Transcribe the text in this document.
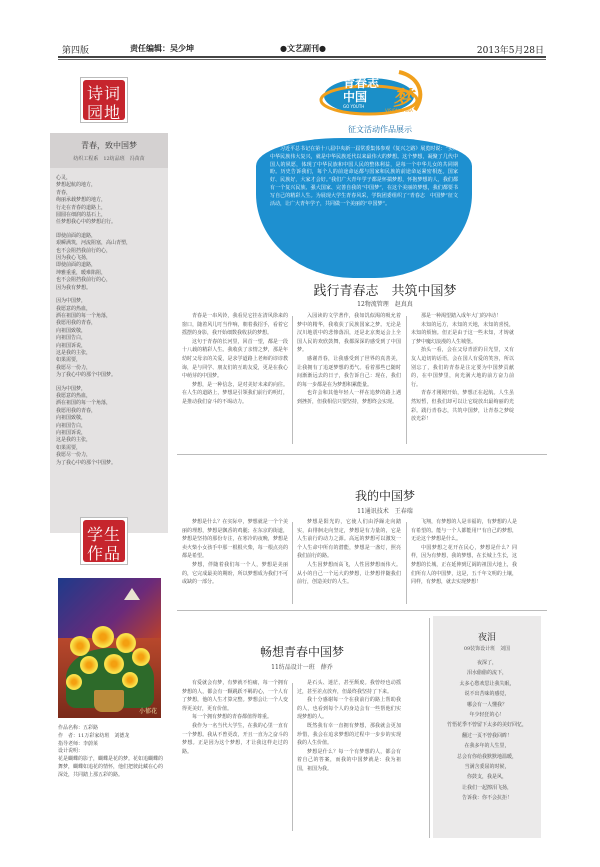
第四版	责任编辑：吴少坤	●文艺副刊●	2013年5月28日
诗词
园地
青春，致中国梦
纺织工程系　12纺品班　冯苗苗
心灵，
梦想起航的地方，
青春，
绚丽承载梦想的地方，
行走在青春的道路上，
圆圆在细润的基石上，
任梦想我心中的梦想启行。
即使前面的道路，
艰瞬满筑，河流阻塞，高山青塑，
也不会阻挡我前行的心，
因为我心飞扬，
即使前面的道路，
坤雅重重，暖难陷阻，
也不会阻挡我前行的心，
因为我有梦想。
因为中国梦，
我愿意的热血，
洒在祖国的每一个角落，
我愿用我的青春，
向祖国致敬，
向祖国告白，
向祖国诉说，
这是我的主张，
如果需要，
我愿尽一份力，
为了我心中的那个中国梦。
因为中国梦，
我愿意的热血，
洒在祖国的每一个角落，
我愿用我的青春，
向祖国致敬，
向祖国告白，
向祖国诉说，
这是我的主张，
如果需要，
我愿尽一份力，
为了我心中的那个中国梦。
学生
作品
小郁花
作品名称：五彩路
作　者：11万彩家纺班　刘德龙
指导老师：李蔚莱
设计说明：
花是蝴蝶的影子，蝴蝶是花的梦。花如追蝴蝶的舞梦，蝴蝶如追花的情怀，他们把彼此藏在心的深处，共同踏上那五彩的路。
青春志
中国 梦
GO YOUTH
VISION CHINA
征文活动作品展示
习近平总书记在第十八届中央新一届常委集体参观《复兴之路》展览时说：“实现中华民族伟大复兴，就是中华民族近代以来最伟大的梦想。这个梦想，凝聚了几代中国人的夙愿，体现了中华民族和中国人民的整体利益，是每一个中华儿女的共同期盼。历史告诉我们，每个人的前途命运都与国家和民族的前途命运紧密相连。国家好、民族好，大家才会好。”我们广大青年学子都是怀揣梦想，怀抱梦想的人，我们都有一个复兴民族、强大国家、完善自我的“中国梦”，在这个美丽的梦想，我们都要书写自己的精彩人生。为展现大学生青春风采，学院团委组织了“青春志　中国梦”征文活动，让广大青年学子，共同做一个美丽的“中国梦”。
践行青春志　共筑中国梦
12物流管理　赵真真

青春是一串风铃，我看见它挂在清风徐来的窗口，随着风儿叮当作响，朝着我招手，看着它摇摆的身影，我开始细数我收获的梦想。

这句于青春的长河里，回首一望，都是一段十八载的精彩人生。我收获了亲情之梦，那是年幼时父母亲的关爱，是求学道路上老师的谆谆教诲，是与同学、朋友们的互助友爱，更是在我心中萌芽的中国梦。

梦想，是一种信念，是对美好未来的向往。在人生的道路上，梦想是引领我们前行的明灯，是推动我们奋斗的不竭动力。

入园读的文学著作，我如饥似渴的吸允着梦中的精华，我收获了民族国家之梦。无论是汉川地震中的悲惨落泪，还是北京奥运会上全国人民的欢欣鼓舞，我都深深的感受到了中国梦。

感谢青春，让我感受到了世界的真善美，让我拥有了追逐梦想的勇气。看着那些已随时间渐渐远去的日子，我告诉自己：现在，我们的每一步都是在为梦想积累能量。

也许会和其他年轻人一样在追梦的路上遇到挫折，但我相信只要坚持，梦想终会实现。

那是一种渴望踏入成年大门的冲动！

未知的远方，未知的天地，未知的喜悦，未知的烦恼。但正是由于这一些未知，才铸就了梦中魔幻浪漫的人生城堡。

抬头一看，会在父母青涩的目光里，又有友人迫切的话语，会在国人有爱的笑容，所以别忘了，我们的青春是注定要为中国梦贡献的，在中国梦里，向光满大地的前方奋力前行。

青春才刚刚开始，梦想正在起航。人生虽然短暂，但我们却可以让它绽放出最绚丽的光彩。践行青春志，共筑中国梦，让青春之梦绽放光彩！

我的中国梦
11通讯技术　王春瑞

梦想是什么？在实际中，梦想就是一个个美丽的理想，梦想是飘香的鸡腿；在东京的街道，梦想是坚持的那份专注，在寒冷的夜晚，梦想是卖火柴小女孩手中那一根根火柴，每一根点亮的都是希望。

梦想，伴随着我们每一个人，梦想是美丽的，它完成最美的期盼，所以梦想成为我们不可或缺的一部分。

梦想是阳光的，它使人们由浮躁走向踏实，由徘徊走向坚定，梦想是有力量的，它是人生前行的动力之源。高远的梦想可以激发一个人生命中所有的潜能，梦想是一盏灯，照亮我们前行的路。

人生因梦想而高飞，人性因梦想而伟大。从小的自己一个远大的梦想，让梦想伴随我们前行，创造美好的人生。

飞翔，有梦想的人是幸福的，有梦想的人是有希望的。能与一个人都能用尸有自己的梦想，无论这个梦想是什么。

中国梦想之花开在民心，梦想是什么？同样，因为有梦想，我的梦想，在长城上生长，这梦想的长城，正在延伸到辽阔的祖国大地上，我们所有人的中国梦，这是，五千年文明的土壤，同样，有梦想，就去实现梦想！

畅想青春中国梦
11纺品设计一班　薛乔

有爱就会有梦，有梦就不怕痛，每一个拥有梦想的人，都会有一颗跳跃不羁的心，一个人有了梦想，他的人生才算完整。梦想会让一个人变得更美好，更有价值。

每一个拥有梦想的青春都值得尊重。

我作为一名当代大学生，在我的心里一直有一个梦想。我从不曾更改，开且一直为之奋斗的梦想。正是因为这个梦想，才让我这样走过的路。

是石头、迷茫，甚至颓废。我曾经也动摇过，甚至差点放弃，但最终我坚持了下来。

我十分感谢每一个在我前行的路上帮助我的人，也看到每个人的身边会有一些帮他们实现梦想的人。

既然我有幸一直拥有梦想，那我就会更加珍惜，我会在追求梦想的过程中一步步的实现我的人生价值。

梦想是什么？每一个有梦想的人，都会有着自己的答案，而我的中国梦就是：我为祖国，祖国为我。

夜泪
09装饰设计班　刘国
夜深了，
泪水偷偷的流下，
太多心愁欢思让我失眠，
说不出苦味的感觉，
哪会有一人懂我？
年少轻狂的心！
竹悟花季不曾留下太多的美好回忆，
翻过一页不曾我回眸！
在我多年的人生里，
总会有你给我默默地温暖，
当满含委屈的时候，
你鼓支，我是风，
让我们一起擦泪飞扬，
告诉我：你不会抗拒！
